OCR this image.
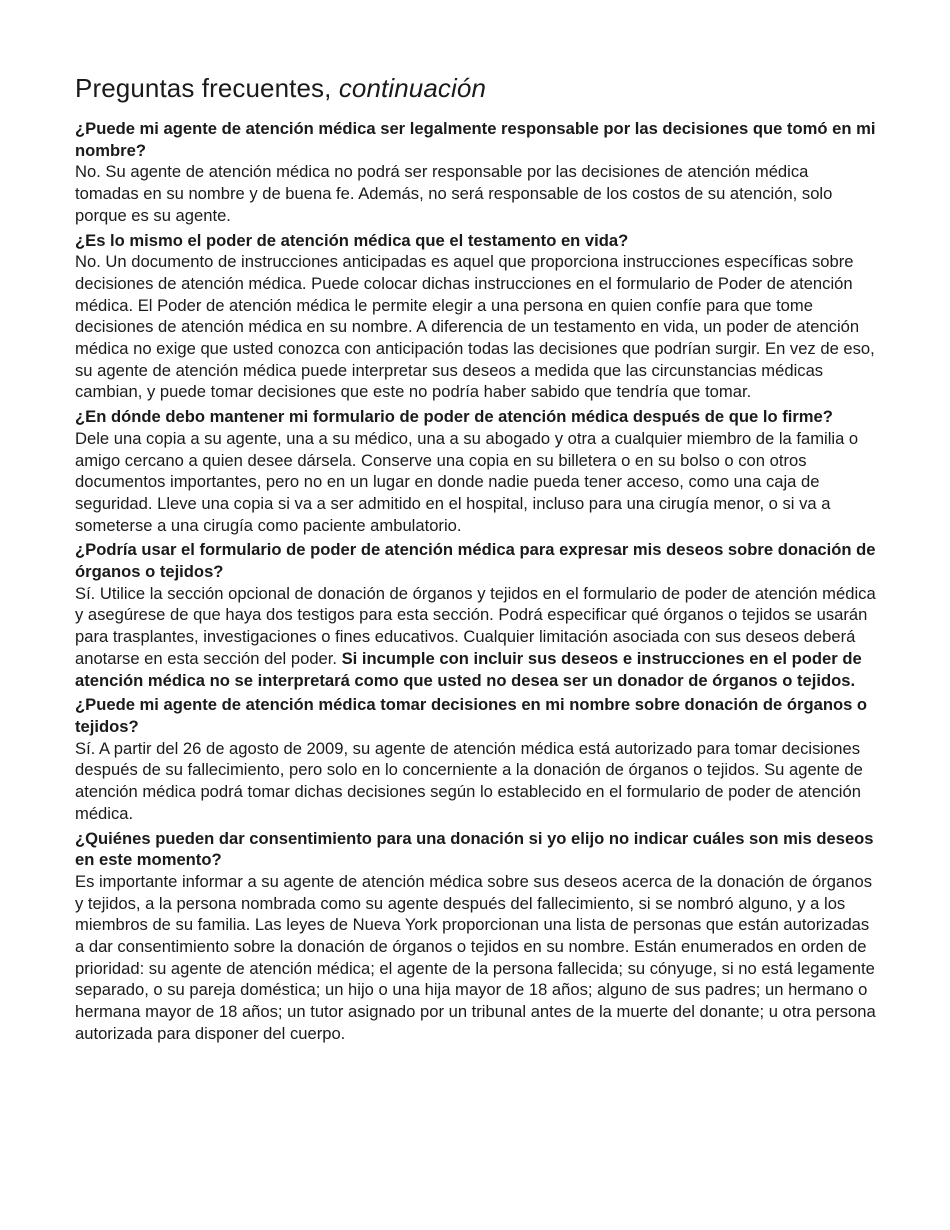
Preguntas frecuentes, continuación

¿Puede mi agente de atención médica ser legalmente responsable por las decisiones que tomó en mi nombre?

No. Su agente de atención médica no podrá ser responsable por las decisiones de atención médica tomadas en su nombre y de buena fe. Además, no será responsable de los costos de su atención, solo porque es su agente.

¿Es lo mismo el poder de atención médica que el testamento en vida?

No. Un documento de instrucciones anticipadas es aquel que proporciona instrucciones específicas sobre decisiones de atención médica. Puede colocar dichas instrucciones en el formulario de Poder de atención médica. El Poder de atención médica le permite elegir a una persona en quien confíe para que tome decisiones de atención médica en su nombre. A diferencia de un testamento en vida, un poder de atención médica no exige que usted conozca con anticipación todas las decisiones que podrían surgir. En vez de eso, su agente de atención médica puede interpretar sus deseos a medida que las circunstancias médicas cambian, y puede tomar decisiones que este no podría haber sabido que tendría que tomar.

¿En dónde debo mantener mi formulario de poder de atención médica después de que lo firme?

Dele una copia a su agente, una a su médico, una a su abogado y otra a cualquier miembro de la familia o amigo cercano a quien desee dársela. Conserve una copia en su billetera o en su bolso o con otros documentos importantes, pero no en un lugar en donde nadie pueda tener acceso, como una caja de seguridad. Lleve una copia si va a ser admitido en el hospital, incluso para una cirugía menor, o si va a someterse a una cirugía como paciente ambulatorio.

¿Podría usar el formulario de poder de atención médica para expresar mis deseos sobre donación de órganos o tejidos?

Sí. Utilice la sección opcional de donación de órganos y tejidos en el formulario de poder de atención médica y asegúrese de que haya dos testigos para esta sección. Podrá especificar qué órganos o tejidos se usarán para trasplantes, investigaciones o fines educativos. Cualquier limitación asociada con sus deseos deberá anotarse en esta sección del poder. Si incumple con incluir sus deseos e instrucciones en el poder de atención médica no se interpretará como que usted no desea ser un donador de órganos o tejidos.

¿Puede mi agente de atención médica tomar decisiones en mi nombre sobre donación de órganos o tejidos?

Sí. A partir del 26 de agosto de 2009, su agente de atención médica está autorizado para tomar decisiones después de su fallecimiento, pero solo en lo concerniente a la donación de órganos o tejidos. Su agente de atención médica podrá tomar dichas decisiones según lo establecido en el formulario de poder de atención médica.

¿Quiénes pueden dar consentimiento para una donación si yo elijo no indicar cuáles son mis deseos en este momento?

Es importante informar a su agente de atención médica sobre sus deseos acerca de la donación de órganos y tejidos, a la persona nombrada como su agente después del fallecimiento, si se nombró alguno, y a los miembros de su familia. Las leyes de Nueva York proporcionan una lista de personas que están autorizadas a dar consentimiento sobre la donación de órganos o tejidos en su nombre. Están enumerados en orden de prioridad: su agente de atención médica; el agente de la persona fallecida; su cónyuge, si no está legamente separado, o su pareja doméstica; un hijo o una hija mayor de 18 años; alguno de sus padres; un hermano o hermana mayor de 18 años; un tutor asignado por un tribunal antes de la muerte del donante; u otra persona autorizada para disponer del cuerpo.
